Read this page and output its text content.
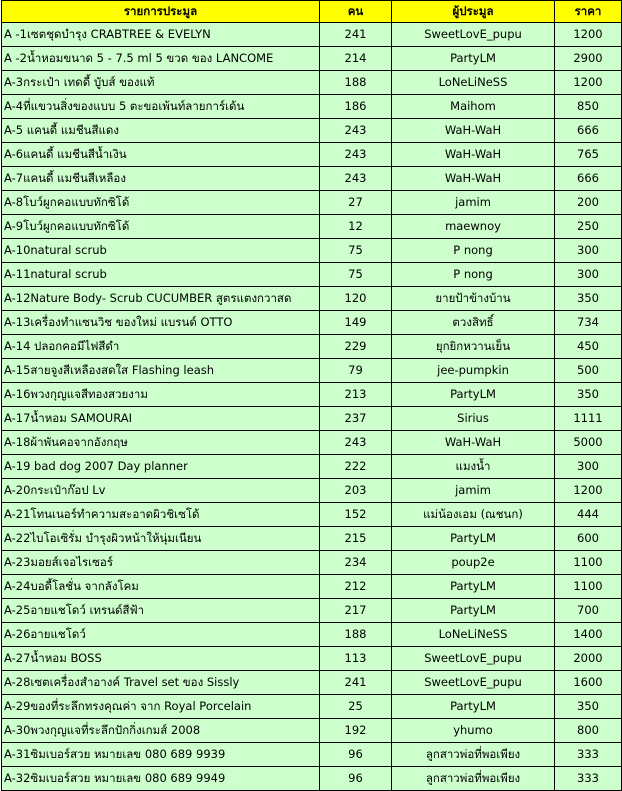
รายการประมูล	คน	ผู้ประมูล	ราคา
A -1เซตชุดบำรุง CRABTREE & EVELYN	241	SweetLovE_pupu	1200
A -2น้ำหอมขนาด 5 - 7.5 ml 5 ขวด ของ LANCOME	214	PartyLM	2900
A-3กระเป๋า เทดดี้ บัูบส์ ของแท้	188	LoNeLiNeSS	1200
A-4ที่แขวนสิ่งของแบบ 5 ตะขอเพ้นท์ลายการ์เด้น	186	Maihom	850
A-5 แคนดี้ แมชีนสีแดง	243	WaH-WaH	666
A-6แคนดี้ แมชีนสีน้ำเงิน	243	WaH-WaH	765
A-7แคนดี้ แมชีนสีเหลือง	243	WaH-WaH	666
A-8โบว์ผูกคอแบบทักซิโด้	27	jamim	200
A-9โบว์ผูกคอแบบทักซิโด้	12	maewnoy	250
A-10natural scrub	75	P nong	300
A-11natural scrub	75	P nong	300
A-12Nature Body- Scrub CUCUMBER สูตรแตงกวาสด	120	ยายป้าข้างบ้าน	350
A-13เครื่องทำแซนวิช ของใหม่ แบรนด์ OTTO	149	ตวงสิทธิ์	734
A-14 ปลอกคอมีไฟสีดำ	229	ยุกยิกหวานเย็น	450
A-15สายจูงสีเหลืองสดใส Flashing leash	79	jee-pumpkin	500
A-16พวงกุญแจสีทองสวยงาม	213	PartyLM	350
A-17น้ำหอม SAMOURAI	237	Sirius	1111
A-18ผ้าพันคอจากอังกฤษ	243	WaH-WaH	5000
A-19 bad dog 2007 Day planner	222	แมงน้ำ	300
A-20กระเป๋าก๊อป Lv	203	jamim	1200
A-21โทนเนอร์ทำความสะอาดผิวชิเซโด้	152	แม่น้องเอม (ณชนก)	444
A-22ไบโอเซิรั่ม บำรุงผิวหน้าให้นุ่มเนียน	215	PartyLM	600
A-23มอยส์เจอไรเซอร์	234	poup2e	1100
A-24บอดี้โลชั่น จากลังโคม	212	PartyLM	1100
A-25อายแชโดว์ เทรนด์สีฟ้า	217	PartyLM	700
A-26อายแชโดว์	188	LoNeLiNeSS	1400
A-27น้ำหอม BOSS	113	SweetLovE_pupu	2000
A-28เซตเครื่องสำอางค์ Travel set ของ Sissly	241	SweetLovE_pupu	1600
A-29ของที่ระลึกทรงคุณค่า จาก Royal Porcelain	25	PartyLM	350
A-30พวงกุญแจที่ระลึกปักกิ่งเกมส์ 2008	192	yhumo	800
A-31ซิมเบอร์สวย หมายเลข 080 689 9939	96	ลูกสาวพ่อที่พอเพียง	333
A-32ซิมเบอร์สวย หมายเลข 080 689 9949	96	ลูกสาวพ่อที่พอเพียง	333
